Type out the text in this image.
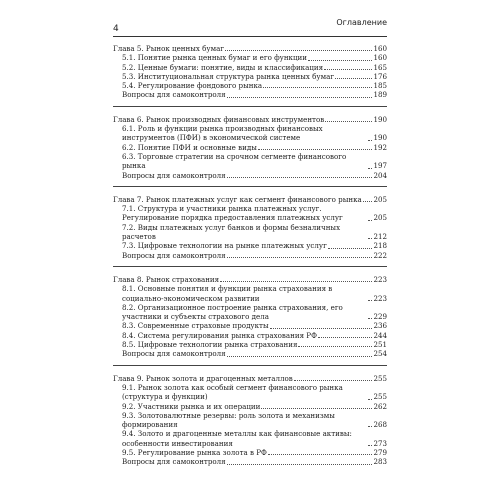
4
Оглавление
Глава 5. Рынок ценных бумаг	160
5.1. Понятие рынка ценных бумаг и его функции	160
5.2. Ценные бумаги: понятие, виды и классификация	165
5.3. Институциональная структура рынка ценных бумаг	176
5.4. Регулирование фондового рынка	185
Вопросы для самоконтроля	189
Глава 6. Рынок производных финансовых инструментов	190
6.1. Роль и функции рынка производных финансовых инструментов (ПФИ) в экономической системе	190
6.2. Понятие ПФИ и основные виды	192
6.3. Торговые стратегии на срочном сегменте финансового рынка	197
Вопросы для самоконтроля	204
Глава 7. Рынок платежных услуг как сегмент финансового рынка 205
7.1. Структура и участники рынка платежных услуг. Регулирование порядка предоставления платежных услуг	205
7.2. Виды платежных услуг банков и формы безналичных расчетов	212
7.3. Цифровые технологии на рынке платежных услуг	218
Вопросы для самоконтроля	222
Глава 8. Рынок страхования	223
8.1. Основные понятия и функции рынка страхования в социально-экономическом развитии	223
8.2. Организационное построение рынка страхования, его участники и субъекты страхового дела	229
8.3. Современные страховые продукты	236
8.4. Система регулирования рынка страхования РФ	244
8.5. Цифровые технологии рынка страхования	251
Вопросы для самоконтроля	254
Глава 9. Рынок золота и драгоценных металлов	255
9.1. Рынок золота как особый сегмент финансового рынка (структура и функции)	255
9.2. Участники рынка и их операции	262
9.3. Золотовалютные резервы: роль золота и механизмы формирования	268
9.4. Золото и драгоценные металлы как финансовые активы: особенности инвестирования	273
9.5. Регулирование рынка золота в РФ	279
Вопросы для самоконтроля	283
